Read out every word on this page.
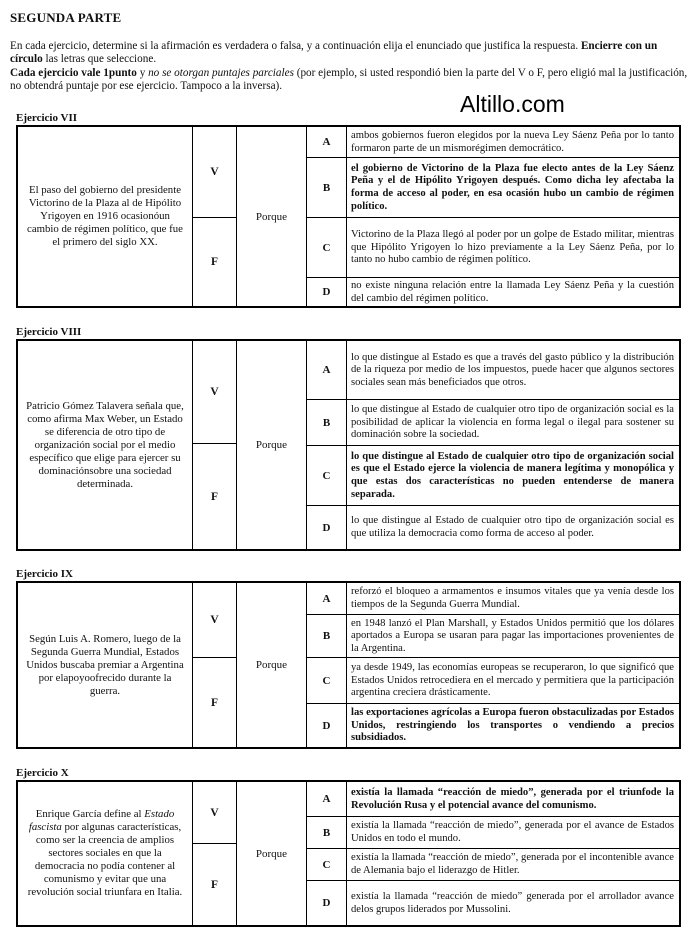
SEGUNDA PARTE
En cada ejercicio, determine si la afirmación es verdadera o falsa, y a continuación elija el enunciado que justifica la respuesta. Encierre con un círculo las letras que seleccione.
Cada ejercicio vale 1punto y no se otorgan puntajes parciales (por ejemplo, si usted respondió bien la parte del V o F, pero eligió mal la justificación, no obtendrá puntaje por ese ejercicio. Tampoco a la inversa).
Altillo.com
Ejercicio VII
El paso del gobierno del presidente Victorino de la Plaza al de Hipólito Yrigoyen en 1916 ocasionóun cambio de régimen político, que fue el primero del siglo XX.
V
F
Porque
A
ambos gobiernos fueron elegidos por la nueva Ley Sáenz Peña por lo tanto formaron parte de un mismorégimen democrático.
B
el gobierno de Victorino de la Plaza fue electo antes de la Ley Sáenz Peña y el de Hipólito Yrigoyen después. Como dicha ley afectaba la forma de acceso al poder, en esa ocasión hubo un cambio de régimen político.
C
Victorino de la Plaza llegó al poder por un golpe de Estado militar, mientras que Hipólito Yrigoyen lo hizo previamente a la Ley Sáenz Peña, por lo tanto no hubo cambio de régimen político.
D
no existe ninguna relación entre la llamada Ley Sáenz Peña y la cuestión del cambio del régimen político.
Ejercicio VIII
Patricio Gómez Talavera señala que, como afirma Max Weber, un Estado se diferencia de otro tipo de organización social por el medio específico que elige para ejercer su dominaciónsobre una sociedad determinada.
V
F
Porque
A
lo que distingue al Estado es que a través del gasto público y la distribución de la riqueza por medio de los impuestos, puede hacer que algunos sectores sociales sean más beneficiados que otros.
B
lo que distingue al Estado de cualquier otro tipo de organización social es la posibilidad de aplicar la violencia en forma legal o ilegal para sostener su dominación sobre la sociedad.
C
lo que distingue al Estado de cualquier otro tipo de organización social es que el Estado ejerce la violencia de manera legítima y monopólica y que estas dos características no pueden entenderse de manera separada.
D
lo que distingue al Estado de cualquier otro tipo de organización social es que utiliza la democracia como forma de acceso al poder.
Ejercicio IX
Según Luis A. Romero, luego de la Segunda Guerra Mundial, Estados Unidos buscaba premiar a Argentina por elapoyoofrecido durante la guerra.
V
F
Porque
A
reforzó el bloqueo a armamentos e insumos vitales que ya venía desde los tiempos de la Segunda Guerra Mundial.
B
en 1948 lanzó el Plan Marshall, y Estados Unidos permitió que los dólares aportados a Europa se usaran para pagar las importaciones provenientes de la Argentina.
C
ya desde 1949, las economías europeas se recuperaron, lo que significó que Estados Unidos retrocediera en el mercado y permitiera que la participación argentina creciera drásticamente.
D
las exportaciones agrícolas a Europa fueron obstaculizadas por Estados Unidos, restringiendo los transportes o vendiendo a precios subsidiados.
Ejercicio X
Enrique García define al Estado fascista por algunas características, como ser la creencia de amplios sectores sociales en que la democracia no podía contener al comunismo y evitar que una revolución social triunfara en Italia.
V
F
Porque
A
existía la llamada “reacción de miedo”, generada por el triunfode la Revolución Rusa y el potencial avance del comunismo.
B
existía la llamada “reacción de miedo”, generada por el avance de Estados Unidos en todo el mundo.
C
existía la llamada “reacción de miedo”, generada por el incontenible avance de Alemania bajo el liderazgo de Hitler.
D
existía la llamada “reacción de miedo” generada por el arrollador avance delos grupos liderados por Mussolini.
